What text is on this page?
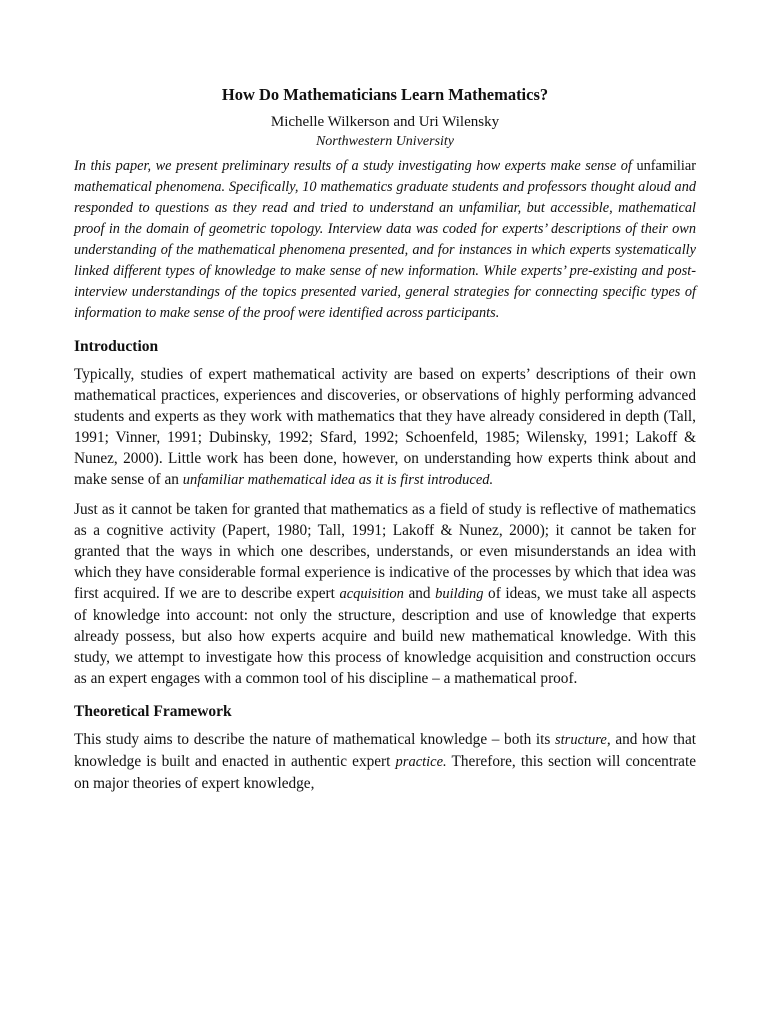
How Do Mathematicians Learn Mathematics?

Michelle Wilkerson and Uri Wilensky

Northwestern University

In this paper, we present preliminary results of a study investigating how experts make sense of unfamiliar mathematical phenomena. Specifically, 10 mathematics graduate students and professors thought aloud and responded to questions as they read and tried to understand an unfamiliar, but accessible, mathematical proof in the domain of geometric topology. Interview data was coded for experts’ descriptions of their own understanding of the mathematical phenomena presented, and for instances in which experts systematically linked different types of knowledge to make sense of new information. While experts’ pre-existing and post-interview understandings of the topics presented varied, general strategies for connecting specific types of information to make sense of the proof were identified across participants.

Introduction

Typically, studies of expert mathematical activity are based on experts’ descriptions of their own mathematical practices, experiences and discoveries, or observations of highly performing advanced students and experts as they work with mathematics that they have already considered in depth (Tall, 1991; Vinner, 1991; Dubinsky, 1992; Sfard, 1992; Schoenfeld, 1985; Wilensky, 1991; Lakoff & Nunez, 2000). Little work has been done, however, on understanding how experts think about and make sense of an unfamiliar mathematical idea as it is first introduced.

Just as it cannot be taken for granted that mathematics as a field of study is reflective of mathematics as a cognitive activity (Papert, 1980; Tall, 1991; Lakoff & Nunez, 2000); it cannot be taken for granted that the ways in which one describes, understands, or even misunderstands an idea with which they have considerable formal experience is indicative of the processes by which that idea was first acquired. If we are to describe expert acquisition and building of ideas, we must take all aspects of knowledge into account: not only the structure, description and use of knowledge that experts already possess, but also how experts acquire and build new mathematical knowledge. With this study, we attempt to investigate how this process of knowledge acquisition and construction occurs as an expert engages with a common tool of his discipline – a mathematical proof.

Theoretical Framework

This study aims to describe the nature of mathematical knowledge – both its structure, and how that knowledge is built and enacted in authentic expert practice. Therefore, this section will concentrate on major theories of expert knowledge,
